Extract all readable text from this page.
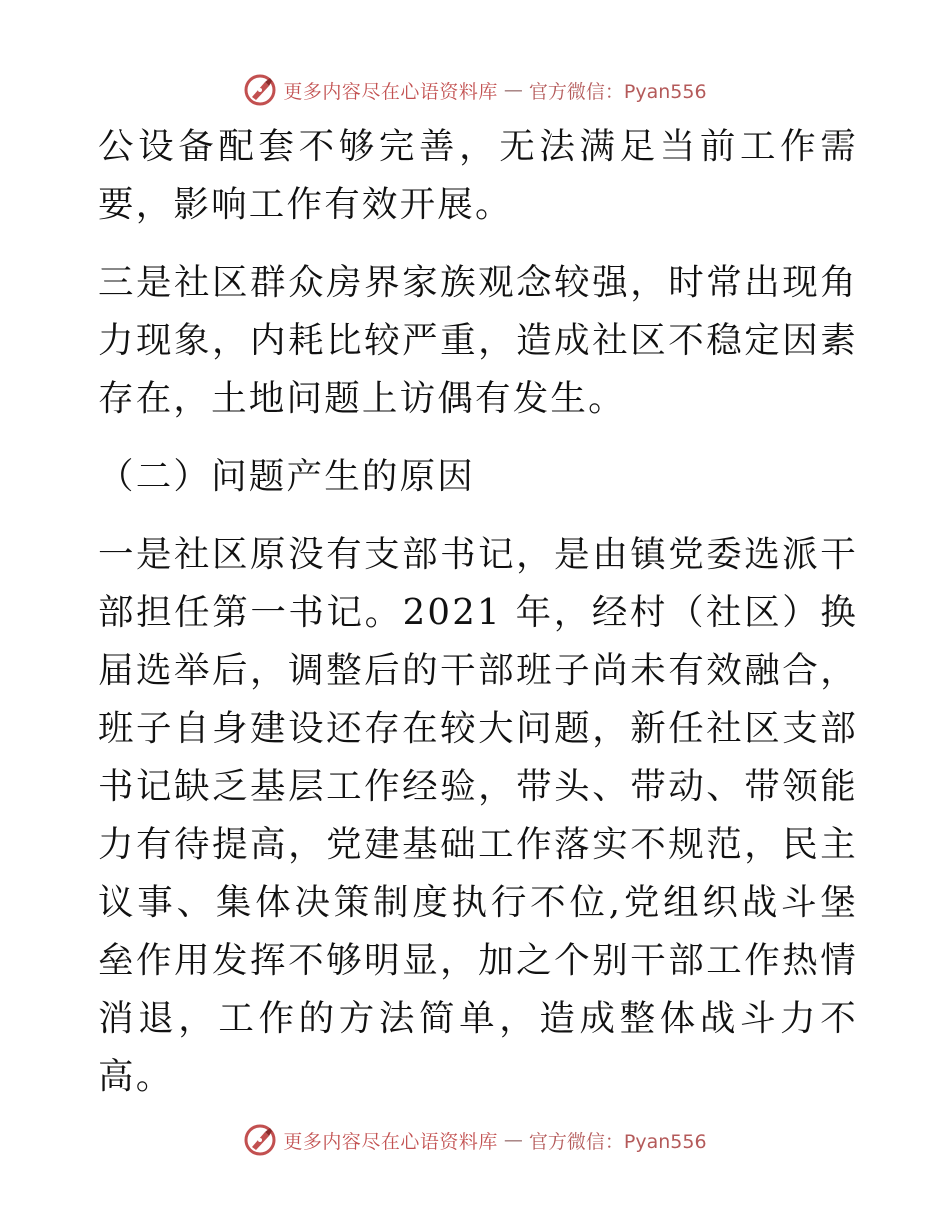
更多内容尽在心语资料库 — 官方微信：Pyan556

公设备配套不够完善，无法满足当前工作需要，影响工作有效开展。

三是社区群众房界家族观念较强，时常出现角力现象，内耗比较严重，造成社区不稳定因素存在，土地问题上访偶有发生。

（二）问题产生的原因

一是社区原没有支部书记，是由镇党委选派干部担任第一书记。2021 年，经村（社区）换届选举后，调整后的干部班子尚未有效融合，班子自身建设还存在较大问题，新任社区支部书记缺乏基层工作经验，带头、带动、带领能力有待提高，党建基础工作落实不规范，民主议事、集体决策制度执行不位,党组织战斗堡垒作用发挥不够明显，加之个别干部工作热情消退，工作的方法简单，造成整体战斗力不高。

更多内容尽在心语资料库 — 官方微信：Pyan556
